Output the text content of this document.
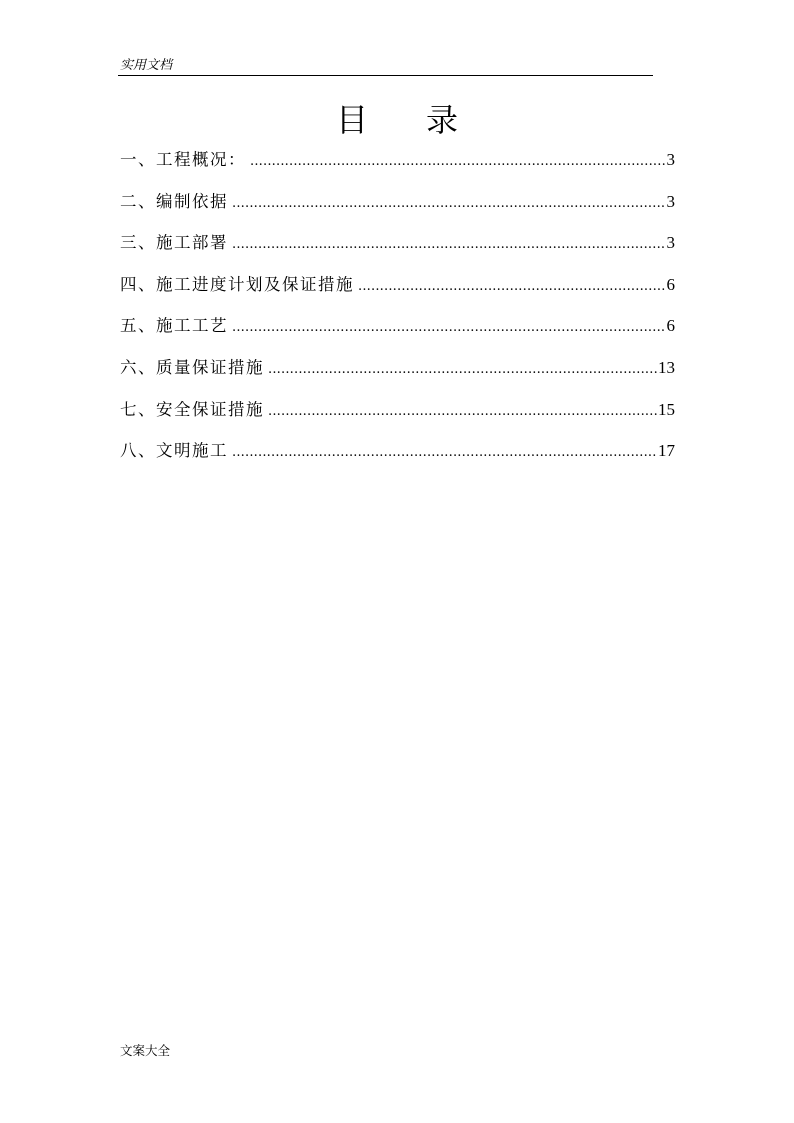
实用文档
目录
一、工程概况： .....	3
二、编制依据 .....	3
三、施工部署 .....	3
四、施工进度计划及保证措施 .....	6
五、施工工艺 .....	6
六、质量保证措施 .....	13
七、安全保证措施 .....	15
八、文明施工 .....	17
文案大全
